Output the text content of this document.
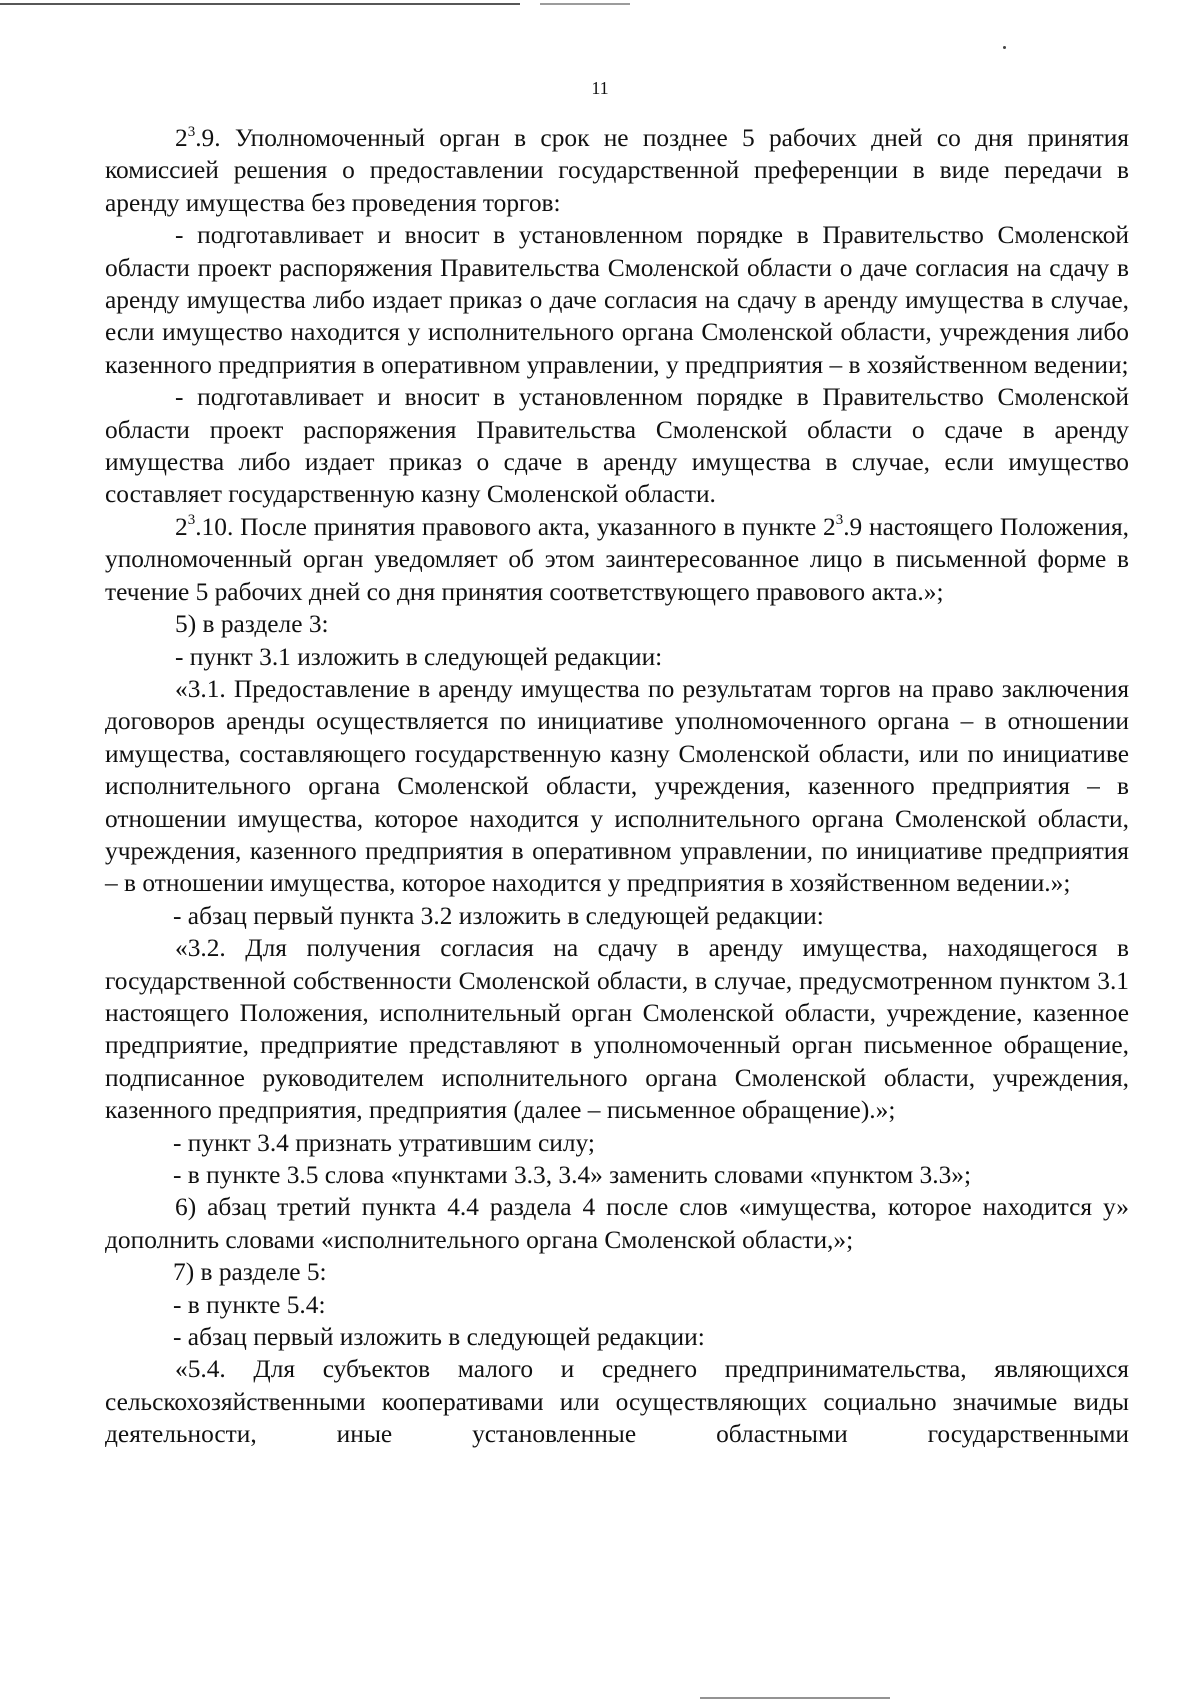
11

$2^3.9$. Уполномоченный орган в срок не позднее 5 рабочих дней со дня принятия комиссией решения о предоставлении государственной преференции в виде передачи в аренду имущества без проведения торгов:

- подготавливает и вносит в установленном порядке в Правительство Смоленской области проект распоряжения Правительства Смоленской области о даче согласия на сдачу в аренду имущества либо издает приказ о даче согласия на сдачу в аренду имущества в случае, если имущество находится у исполнительного органа Смоленской области, учреждения либо казенного предприятия в оперативном управлении, у предприятия – в хозяйственном ведении;

- подготавливает и вносит в установленном порядке в Правительство Смоленской области проект распоряжения Правительства Смоленской области о сдаче в аренду имущества либо издает приказ о сдаче в аренду имущества в случае, если имущество составляет государственную казну Смоленской области.

$2^3.10$. После принятия правового акта, указанного в пункте $2^3.9$ настоящего Положения, уполномоченный орган уведомляет об этом заинтересованное лицо в письменной форме в течение 5 рабочих дней со дня принятия соответствующего правового акта.»;

5) в разделе 3:

- пункт 3.1 изложить в следующей редакции:

«3.1. Предоставление в аренду имущества по результатам торгов на право заключения договоров аренды осуществляется по инициативе уполномоченного органа – в отношении имущества, составляющего государственную казну Смоленской области, или по инициативе исполнительного органа Смоленской области, учреждения, казенного предприятия – в отношении имущества, которое находится у исполнительного органа Смоленской области, учреждения, казенного предприятия в оперативном управлении, по инициативе предприятия – в отношении имущества, которое находится у предприятия в хозяйственном ведении.»;

- абзац первый пункта 3.2 изложить в следующей редакции:

«3.2. Для получения согласия на сдачу в аренду имущества, находящегося в государственной собственности Смоленской области, в случае, предусмотренном пунктом 3.1 настоящего Положения, исполнительный орган Смоленской области, учреждение, казенное предприятие, предприятие представляют в уполномоченный орган письменное обращение, подписанное руководителем исполнительного органа Смоленской области, учреждения, казенного предприятия, предприятия (далее – письменное обращение).»;

- пункт 3.4 признать утратившим силу;

- в пункте 3.5 слова «пунктами 3.3, 3.4» заменить словами «пунктом 3.3»;

6) абзац третий пункта 4.4 раздела 4 после слов «имущества, которое находится у» дополнить словами «исполнительного органа Смоленской области,»;

7) в разделе 5:

- в пункте 5.4:

- абзац первый изложить в следующей редакции:

«5.4. Для субъектов малого и среднего предпринимательства, являющихся сельскохозяйственными кооперативами или осуществляющих социально значимые виды деятельности, иные установленные областными государственными
